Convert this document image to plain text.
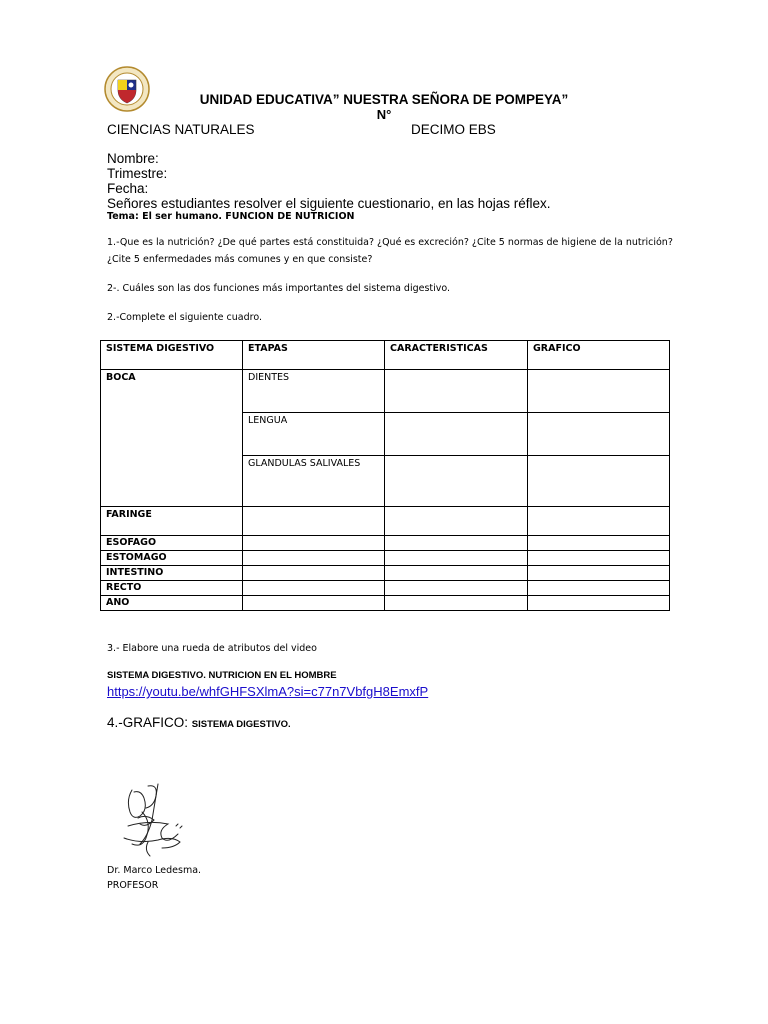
UNIDAD EDUCATIVA” NUESTRA SEÑORA DE POMPEYA”
N°
CIENCIAS NATURALES	DECIMO EBS
Nombre:
Trimestre:
Fecha:
Señores estudiantes resolver el siguiente cuestionario, en las hojas réflex.
Tema: El ser humano. FUNCION DE NUTRICION
1.-Que es la nutrición? ¿De qué partes está constituida? ¿Qué es excreción? ¿Cite 5 normas de higiene de la nutrición?
¿Cite 5 enfermedades más comunes y en que consiste?
2-. Cuáles son las dos funciones más importantes del sistema digestivo.
2.-Complete el siguiente cuadro.
SISTEMA DIGESTIVO	ETAPAS	CARACTERISTICAS	GRAFICO
BOCA	DIENTES		
	LENGUA		
	GLANDULAS SALIVALES		
FARINGE			
ESOFAGO			
ESTOMAGO			
INTESTINO			
RECTO			
ANO			
3.- Elabore una rueda de atributos del video
SISTEMA DIGESTIVO. NUTRICION EN EL HOMBRE
https://youtu.be/whfGHFSXlmA?si=c77n7VbfgH8EmxfP
4.-GRAFICO: SISTEMA DIGESTIVO.
Dr. Marco Ledesma.
PROFESOR
